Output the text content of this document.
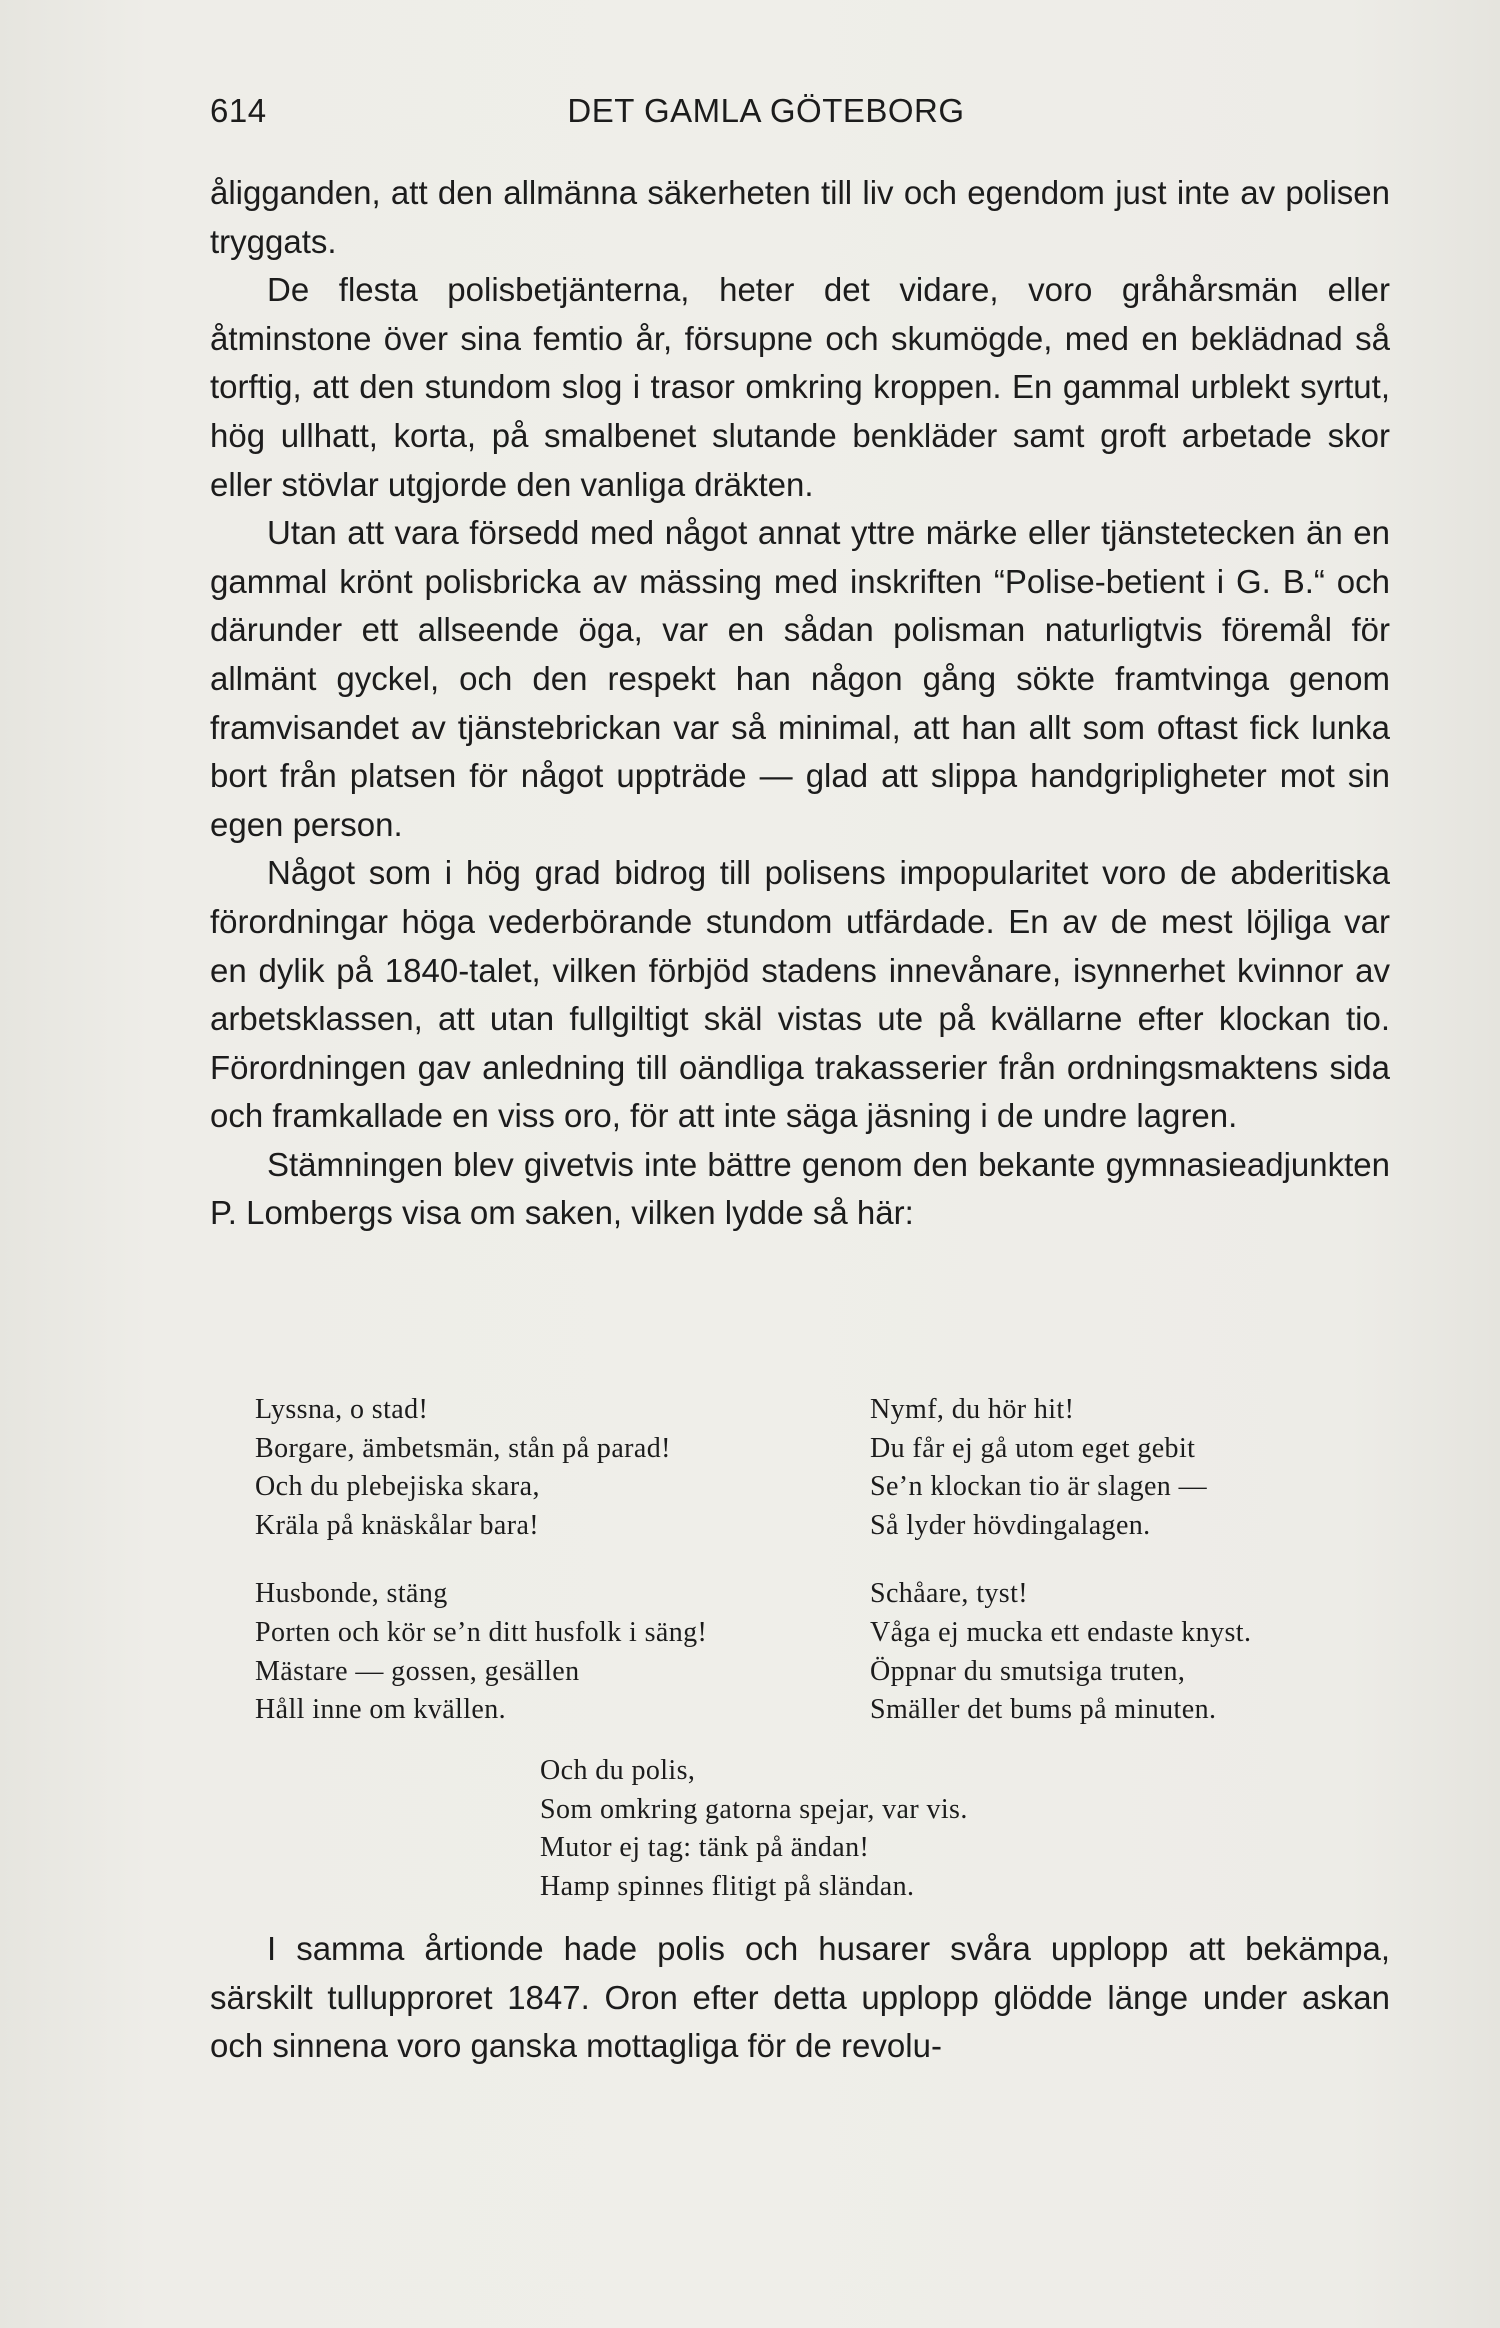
614	DET GAMLA GÖTEBORG

åligganden, att den allmänna säkerheten till liv och egendom just inte av polisen tryggats.

De flesta polisbetjänterna, heter det vidare, voro gråhårsmän eller åtminstone över sina femtio år, försupne och skumögde, med en beklädnad så torftig, att den stundom slog i trasor omkring kroppen. En gammal urblekt syrtut, hög ullhatt, korta, på smalbenet slutande benkläder samt groft arbetade skor eller stövlar utgjorde den vanliga dräkten.

Utan att vara försedd med något annat yttre märke eller tjänstetecken än en gammal krönt polisbricka av mässing med inskriften “Polise-betient i G. B.“ och därunder ett allseende öga, var en sådan polisman naturligtvis föremål för allmänt gyckel, och den respekt han någon gång sökte framtvinga genom framvisandet av tjänstebrickan var så minimal, att han allt som oftast fick lunka bort från platsen för något uppträde — glad att slippa handgripligheter mot sin egen person.

Något som i hög grad bidrog till polisens impopularitet voro de abderitiska förordningar höga vederbörande stundom utfärdade. En av de mest löjliga var en dylik på 1840-talet, vilken förbjöd stadens innevånare, isynnerhet kvinnor av arbetsklassen, att utan fullgiltigt skäl vistas ute på kvällarne efter klockan tio. Förordningen gav anledning till oändliga trakasserier från ordningsmaktens sida och framkallade en viss oro, för att inte säga jäsning i de undre lagren.

Stämningen blev givetvis inte bättre genom den bekante gymnasieadjunkten P. Lombergs visa om saken, vilken lydde så här:

Lyssna, o stad!
Borgare, ämbetsmän, stån på parad!
Och du plebejiska skara,
Kräla på knäskålar bara!
Husbonde, stäng
Porten och kör se’n ditt husfolk i säng!
Mästare — gossen, gesällen
Håll inne om kvällen.
Nymf, du hör hit!
Du får ej gå utom eget gebit
Se’n klockan tio är slagen —
Så lyder hövdingalagen.
Schåare, tyst!
Våga ej mucka ett endaste knyst.
Öppnar du smutsiga truten,
Smäller det bums på minuten.
Och du polis,
Som omkring gatorna spejar, var vis.
Mutor ej tag: tänk på ändan!
Hamp spinnes flitigt på sländan.

I samma årtionde hade polis och husarer svåra upplopp att bekämpa, särskilt tullupproret 1847. Oron efter detta upplopp glödde länge under askan och sinnena voro ganska mottagliga för de revolu-
